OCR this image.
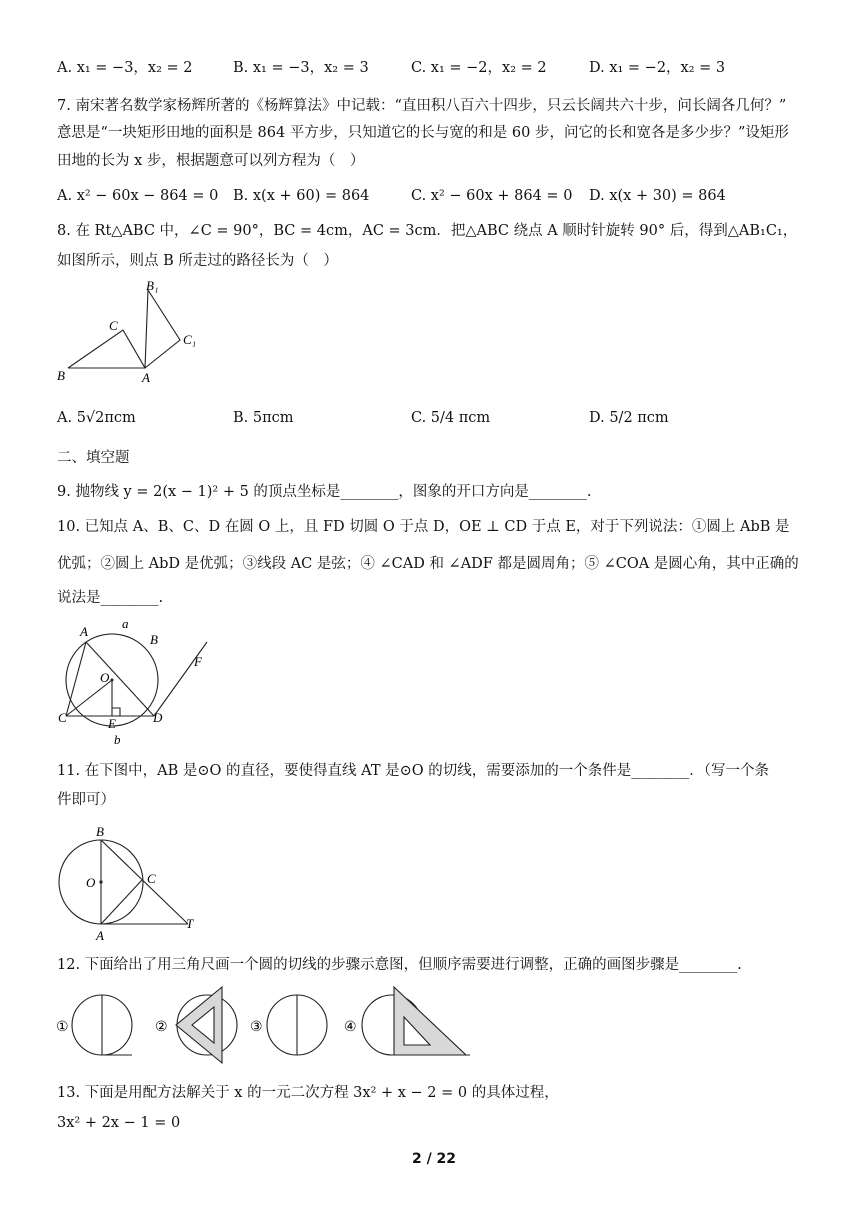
A. x₁ = −3，x₂ = 2	B. x₁ = −3，x₂ = 3	C. x₁ = −2，x₂ = 2	D. x₁ = −2，x₂ = 3
7. 南宋著名数学家杨辉所著的《杨辉算法》中记载：“直田积八百六十四步，只云长阔共六十步，问长阔各几何？”
意思是“一块矩形田地的面积是 864 平方步，只知道它的长与宽的和是 60 步，问它的长和宽各是多少步？”设矩形
田地的长为 x 步，根据题意可以列方程为（　）
A. x² − 60x − 864 = 0 B. x(x + 60) = 864	C. x² − 60x + 864 = 0 D. x(x + 30) = 864
8. 在 Rt△ABC 中，∠C = 90°，BC = 4cm，AC = 3cm．把△ABC 绕点 A 顺时针旋转 90° 后，得到△AB₁C₁，
如图所示，则点 B 所走过的路径长为（　）
B₁
C
C₁
B	A
A. 5√2πcm	B. 5πcm	C. 5/4 πcm	D. 5/2 πcm
二、填空题
9. 抛物线 y = 2(x − 1)² + 5 的顶点坐标是________，图象的开口方向是________.
10. 已知点 A、B、C、D 在圆 O 上，且 FD 切圆 O 于点 D，OE ⊥ CD 于点 E，对于下列说法：①圆上 AbB 是
优弧；②圆上 AbD 是优弧；③线段 AC 是弦；④ ∠CAD 和 ∠ADF 都是圆周角；⑤ ∠COA 是圆心角，其中正确的
说法是________.
A
a
B
F
O
C	E	D
b
11. 在下图中，AB 是⊙O 的直径，要使得直线 AT 是⊙O 的切线，需要添加的一个条件是________．（写一个条
件即可）
B
O	C
A
T
12. 下面给出了用三角尺画一个圆的切线的步骤示意图，但顺序需要进行调整，正确的画图步骤是________.
①	②	③	④
13. 下面是用配方法解关于 x 的一元二次方程 3x² + x − 2 = 0 的具体过程，
3x² + 2x − 1 = 0
2 / 22
